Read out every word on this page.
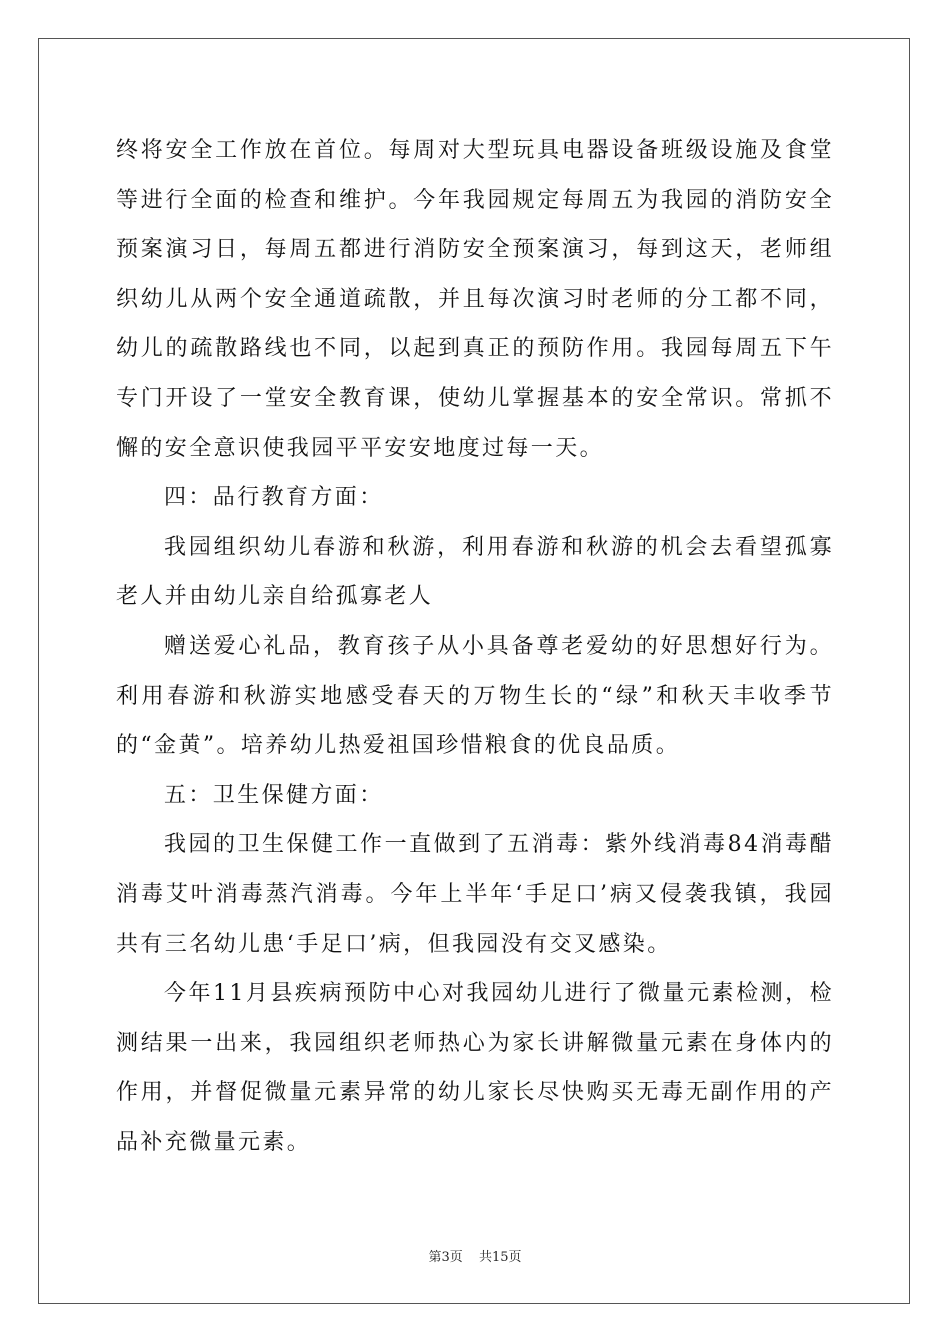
终将安全工作放在首位。每周对大型玩具电器设备班级设施及食堂等进行全面的检查和维护。今年我园规定每周五为我园的消防安全预案演习日，每周五都进行消防安全预案演习，每到这天，老师组织幼儿从两个安全通道疏散，并且每次演习时老师的分工都不同，幼儿的疏散路线也不同，以起到真正的预防作用。我园每周五下午专门开设了一堂安全教育课，使幼儿掌握基本的安全常识。常抓不懈的安全意识使我园平平安安地度过每一天。

四：品行教育方面：

我园组织幼儿春游和秋游，利用春游和秋游的机会去看望孤寡老人并由幼儿亲自给孤寡老人

赠送爱心礼品，教育孩子从小具备尊老爱幼的好思想好行为。利用春游和秋游实地感受春天的万物生长的“绿”和秋天丰收季节的“金黄”。培养幼儿热爱祖国珍惜粮食的优良品质。

五：卫生保健方面：

我园的卫生保健工作一直做到了五消毒：紫外线消毒84消毒醋消毒艾叶消毒蒸汽消毒。今年上半年‘手足口’病又侵袭我镇，我园共有三名幼儿患‘手足口’病，但我园没有交叉感染。

今年11月县疾病预防中心对我园幼儿进行了微量元素检测，检测结果一出来，我园组织老师热心为家长讲解微量元素在身体内的作用，并督促微量元素异常的幼儿家长尽快购买无毒无副作用的产品补充微量元素。

第3页 共15页
